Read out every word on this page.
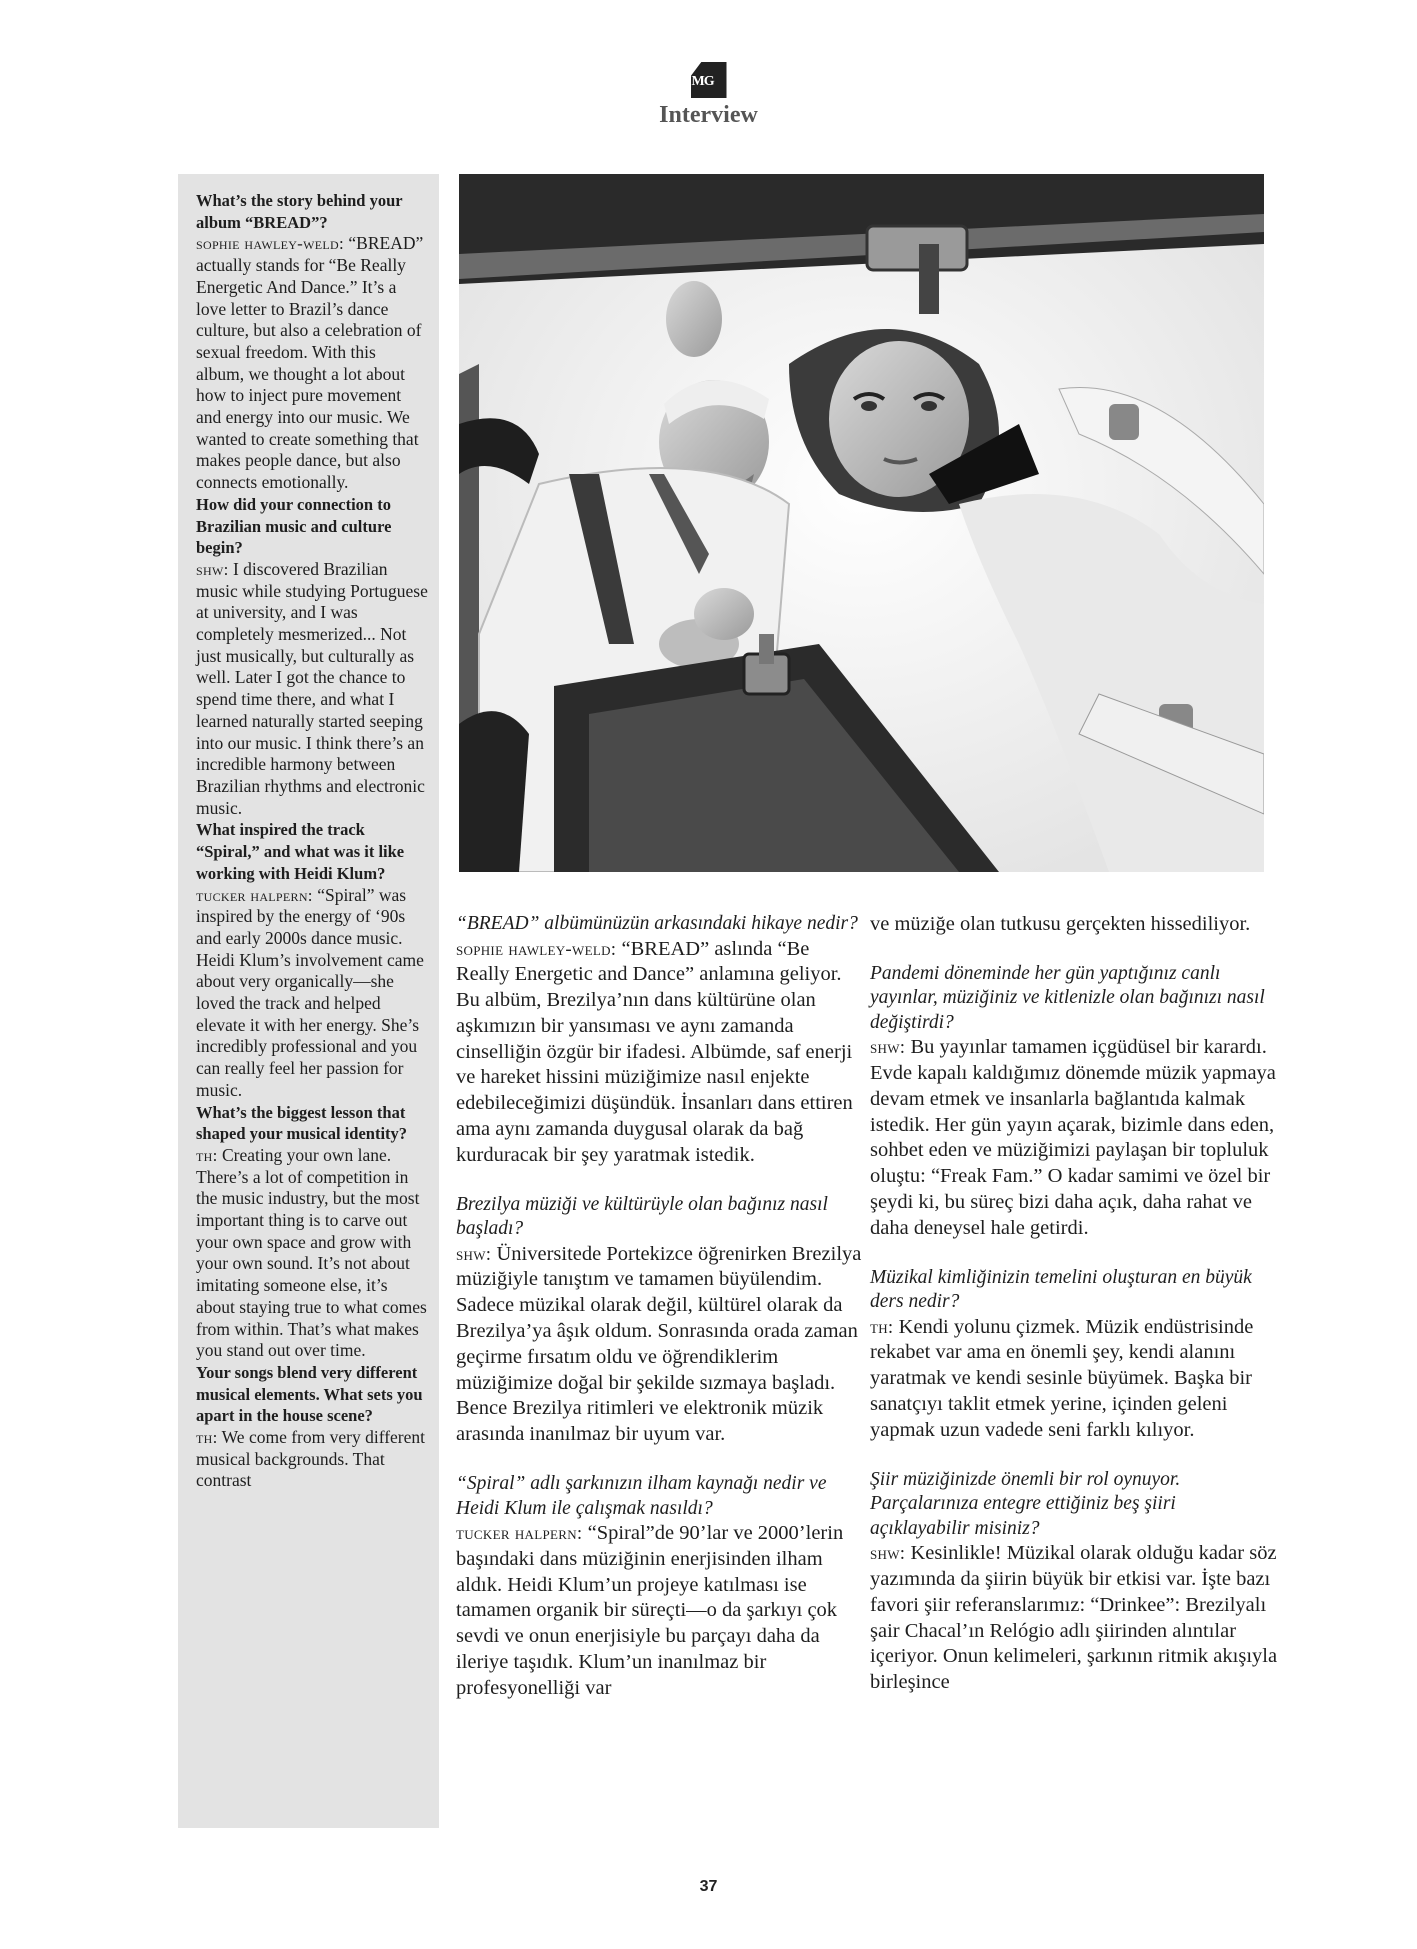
MG
Interview

What’s the story behind your album “BREAD”?

sophie hawley-weld: “BREAD” actually stands for “Be Really Energetic And Dance.” It’s a love letter to Brazil’s dance culture, but also a celebration of sexual freedom. With this album, we thought a lot about how to inject pure movement and energy into our music. We wanted to create something that makes people dance, but also connects emotionally.

How did your connection to Brazilian music and culture begin?

shw: I discovered Brazilian music while studying Portuguese at university, and I was completely mesmerized... Not just musically, but culturally as well. Later I got the chance to spend time there, and what I learned naturally started seeping into our music. I think there’s an incredible harmony between Brazilian rhythms and electronic music.

What inspired the track “Spiral,” and what was it like working with Heidi Klum?

tucker halpern: “Spiral” was inspired by the energy of ‘90s and early 2000s dance music. Heidi Klum’s involvement came about very organically—she loved the track and helped elevate it with her energy. She’s incredibly professional and you can really feel her passion for music.

What’s the biggest lesson that shaped your musical identity?

th: Creating your own lane. There’s a lot of competition in the music industry, but the most important thing is to carve out your own space and grow with your own sound. It’s not about imitating someone else, it’s about staying true to what comes from within. That’s what makes you stand out over time.

Your songs blend very different musical elements. What sets you apart in the house scene?

th: We come from very different musical backgrounds. That contrast

“BREAD” albümünüzün arkasındaki hikaye nedir?

sophie hawley-weld: “BREAD” aslında “Be Really Energetic and Dance” anlamına geliyor. Bu albüm, Brezilya’nın dans kültürüne olan aşkımızın bir yansıması ve aynı zamanda cinselliğin özgür bir ifadesi. Albümde, saf enerji ve hareket hissini müziğimize nasıl enjekte edebileceğimizi düşündük. İnsanları dans ettiren ama aynı zamanda duygusal olarak da bağ kurduracak bir şey yaratmak istedik.

Brezilya müziği ve kültürüyle olan bağınız nasıl başladı?

shw: Üniversitede Portekizce öğrenirken Brezilya müziğiyle tanıştım ve tamamen büyülendim. Sadece müzikal olarak değil, kültürel olarak da Brezilya’ya âşık oldum. Sonrasında orada zaman geçirme fırsatım oldu ve öğrendiklerim müziğimize doğal bir şekilde sızmaya başladı. Bence Brezilya ritimleri ve elektronik müzik arasında inanılmaz bir uyum var.

“Spiral” adlı şarkınızın ilham kaynağı nedir ve Heidi Klum ile çalışmak nasıldı?

tucker halpern: “Spiral”de 90’lar ve 2000’lerin başındaki dans müziğinin enerjisinden ilham aldık. Heidi Klum’un projeye katılması ise tamamen organik bir süreçti—o da şarkıyı çok sevdi ve onun enerjisiyle bu parçayı daha da ileriye taşıdık. Klum’un inanılmaz bir profesyonelliği var

ve müziğe olan tutkusu gerçekten hissediliyor.

Pandemi döneminde her gün yaptığınız canlı yayınlar, müziğiniz ve kitlenizle olan bağınızı nasıl değiştirdi?

shw: Bu yayınlar tamamen içgüdüsel bir karardı. Evde kapalı kaldığımız dönemde müzik yapmaya devam etmek ve insanlarla bağlantıda kalmak istedik. Her gün yayın açarak, bizimle dans eden, sohbet eden ve müziğimizi paylaşan bir topluluk oluştu: “Freak Fam.” O kadar samimi ve özel bir şeydi ki, bu süreç bizi daha açık, daha rahat ve daha deneysel hale getirdi.

Müzikal kimliğinizin temelini oluşturan en büyük ders nedir?

th: Kendi yolunu çizmek. Müzik endüstrisinde rekabet var ama en önemli şey, kendi alanını yaratmak ve kendi sesinle büyümek. Başka bir sanatçıyı taklit etmek yerine, içinden geleni yapmak uzun vadede seni farklı kılıyor.

Şiir müziğinizde önemli bir rol oynuyor. Parçalarınıza entegre ettiğiniz beş şiiri açıklayabilir misiniz?

shw: Kesinlikle! Müzikal olarak olduğu kadar söz yazımında da şiirin büyük bir etkisi var. İşte bazı favori şiir referanslarımız: “Drinkee”: Brezilyalı şair Chacal’ın Relógio adlı şiirinden alıntılar içeriyor. Onun kelimeleri, şarkının ritmik akışıyla birleşince

37
